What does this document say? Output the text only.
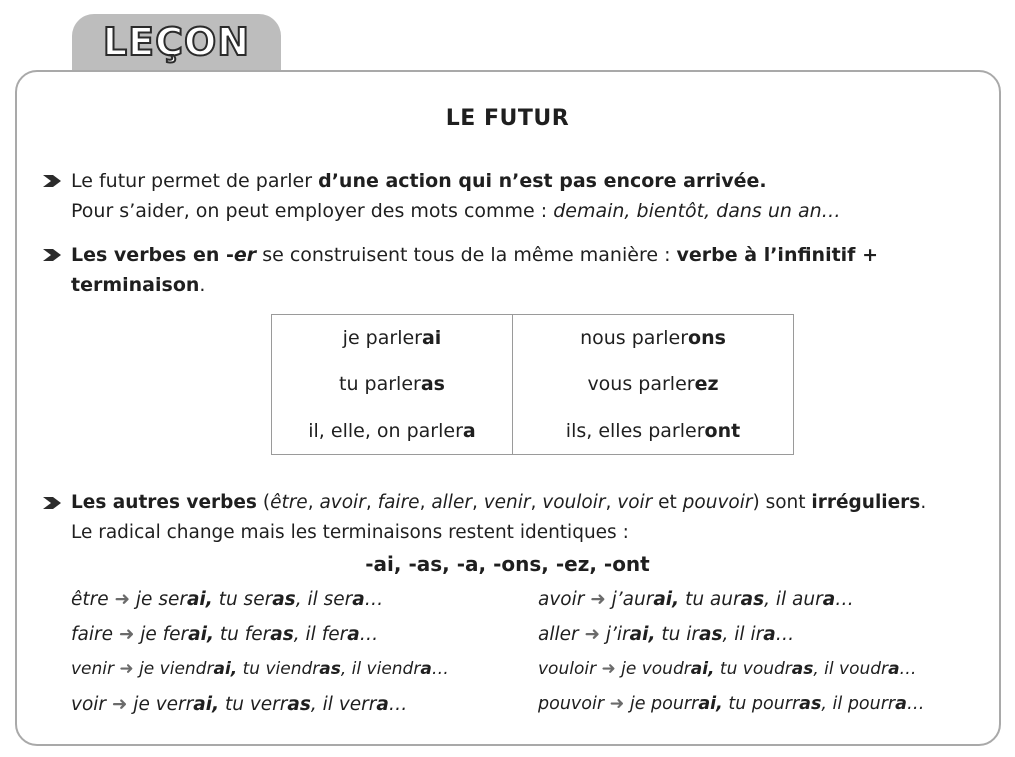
LEÇON
LE FUTUR
Le futur permet de parler d’une action qui n’est pas encore arrivée.
Pour s’aider, on peut employer des mots comme : demain, bientôt, dans un an…
Les verbes en -er se construisent tous de la même manière : verbe à l’infinitif +
terminaison.
je parlerai	nous parlerons
tu parleras	vous parlerez
il, elle, on parlera	ils, elles parleront
Les autres verbes (être, avoir, faire, aller, venir, vouloir, voir et pouvoir) sont irréguliers.
Le radical change mais les terminaisons restent identiques :
-ai, -as, -a, -ons, -ez, -ont
être ➜ je serai, tu seras, il sera…	avoir ➜ j’aurai, tu auras, il aura…
faire ➜ je ferai, tu feras, il fera…	aller ➜ j’irai, tu iras, il ira…
venir ➜ je viendrai, tu viendras, il viendra…	vouloir ➜ je voudrai, tu voudras, il voudra…
voir ➜ je verrai, tu verras, il verra…	pouvoir ➜ je pourrai, tu pourras, il pourra…
